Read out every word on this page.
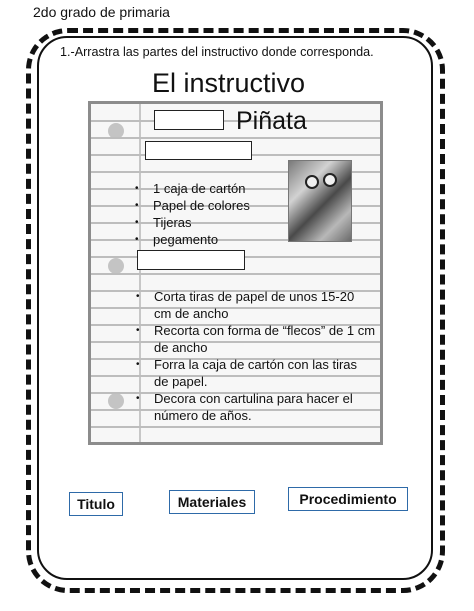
2do grado de primaria
1.-Arrastra las partes del instructivo donde corresponda.
El instructivo
Piñata
• 1 caja de cartón
• Papel de colores
• Tijeras
• pegamento
• Corta tiras de papel de unos 15-20
cm de ancho
• Recorta con forma de “flecos” de 1 cm
de ancho
• Forra la caja de cartón con las tiras
de papel.
• Decora con cartulina para hacer el
número de años.
Titulo	Materiales	Procedimiento
